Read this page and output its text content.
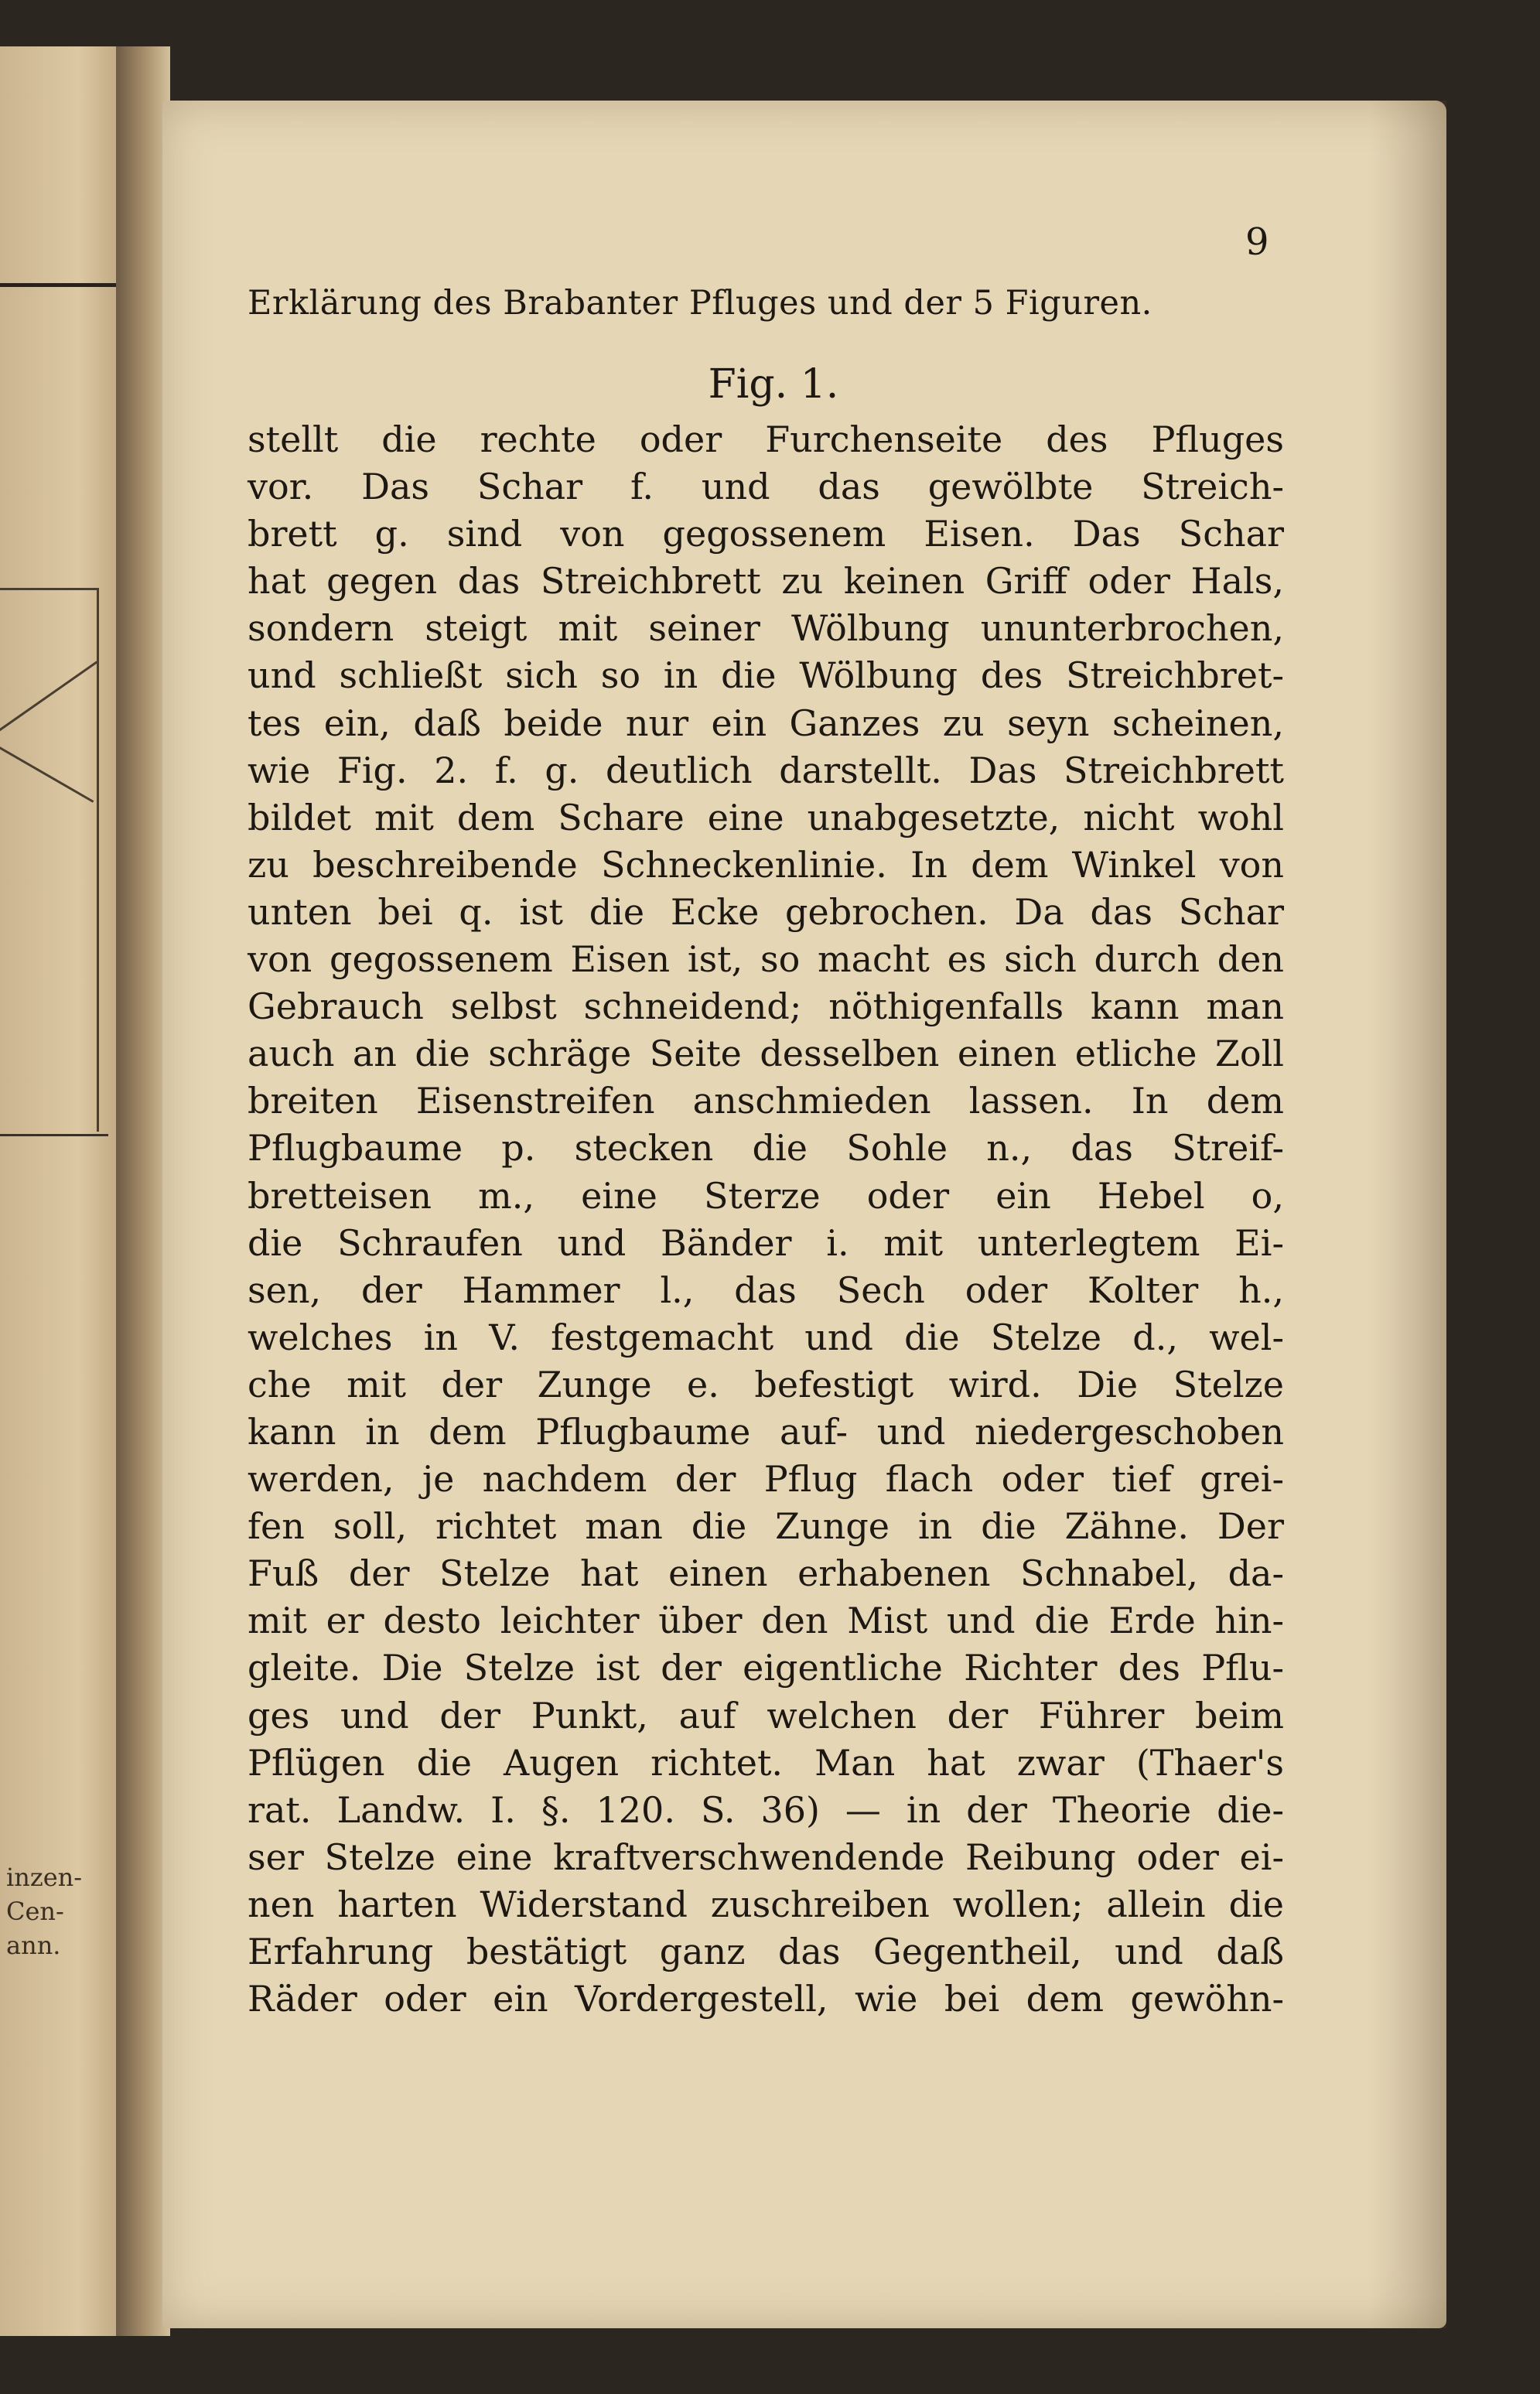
inzen-
Cen-
ann.
9
Erklärung des Brabanter Pfluges und der 5 Figuren.
Fig. 1.
stellt die rechte oder Furchenseite des Pfluges
vor. Das Schar f. und das gewölbte Streich-
brett g. sind von gegossenem Eisen. Das Schar
hat gegen das Streichbrett zu keinen Griff oder Hals,
sondern steigt mit seiner Wölbung ununterbrochen,
und schließt sich so in die Wölbung des Streichbret-
tes ein, daß beide nur ein Ganzes zu seyn scheinen,
wie Fig. 2. f. g. deutlich darstellt. Das Streichbrett
bildet mit dem Schare eine unabgesetzte, nicht wohl
zu beschreibende Schneckenlinie. In dem Winkel von
unten bei q. ist die Ecke gebrochen. Da das Schar
von gegossenem Eisen ist, so macht es sich durch den
Gebrauch selbst schneidend; nöthigenfalls kann man
auch an die schräge Seite desselben einen etliche Zoll
breiten Eisenstreifen anschmieden lassen. In dem
Pflugbaume p. stecken die Sohle n., das Streif-
bretteisen m., eine Sterze oder ein Hebel o,
die Schraufen und Bänder i. mit unterlegtem Ei-
sen, der Hammer l., das Sech oder Kolter h.,
welches in V. festgemacht und die Stelze d., wel-
che mit der Zunge e. befestigt wird. Die Stelze
kann in dem Pflugbaume auf- und niedergeschoben
werden, je nachdem der Pflug flach oder tief grei-
fen soll, richtet man die Zunge in die Zähne. Der
Fuß der Stelze hat einen erhabenen Schnabel, da-
mit er desto leichter über den Mist und die Erde hin-
gleite. Die Stelze ist der eigentliche Richter des Pflu-
ges und der Punkt, auf welchen der Führer beim
Pflügen die Augen richtet. Man hat zwar (Thaer's
rat. Landw. I. §. 120. S. 36) — in der Theorie die-
ser Stelze eine kraftverschwendende Reibung oder ei-
nen harten Widerstand zuschreiben wollen; allein die
Erfahrung bestätigt ganz das Gegentheil, und daß
Räder oder ein Vordergestell, wie bei dem gewöhn-
